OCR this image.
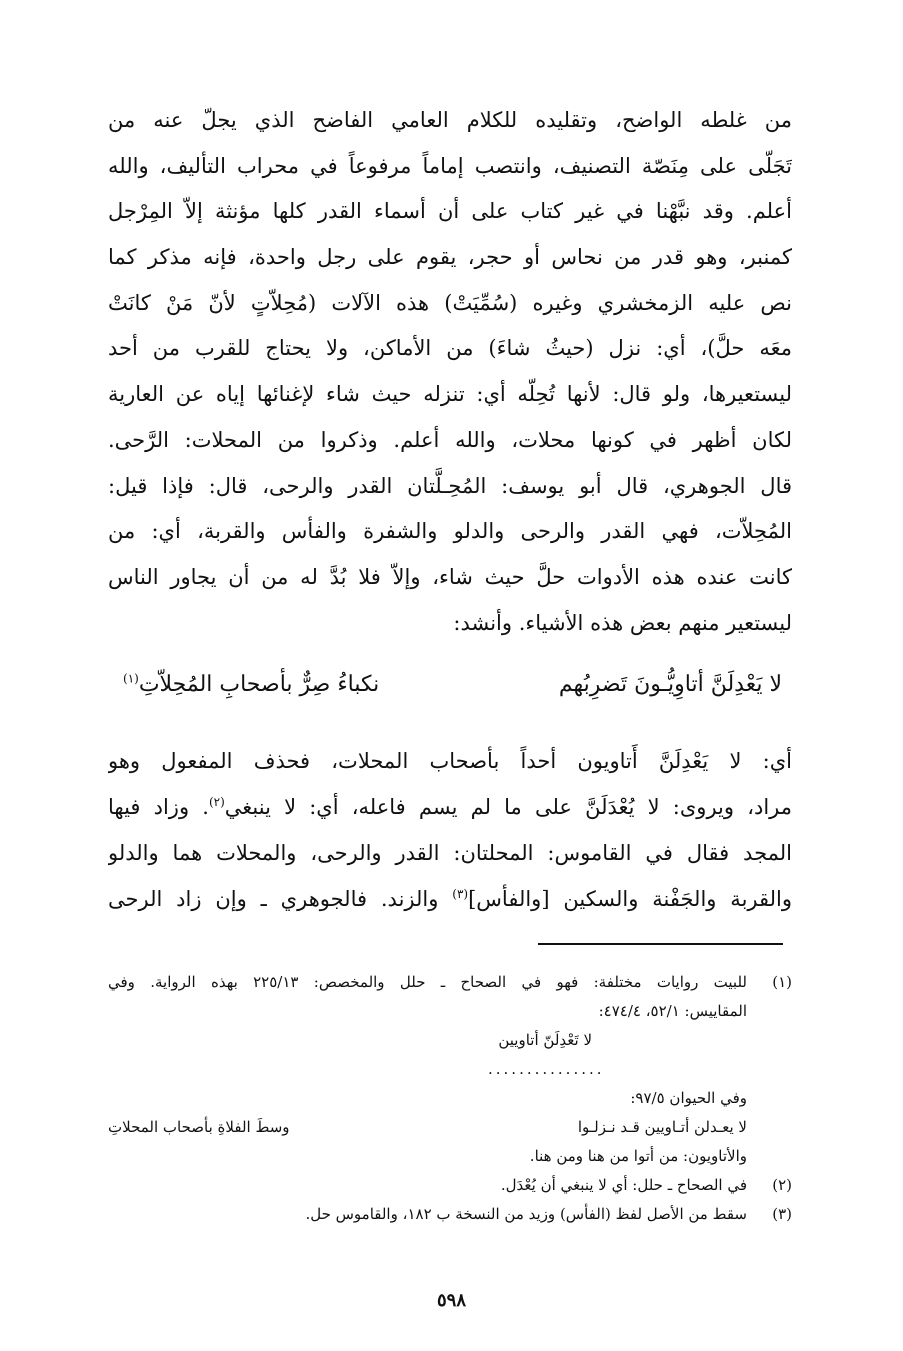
من غلطه الواضح، وتقليده للكلام العامي الفاضح الذي يجلّ عنه من
تَجَلّى على مِنَصّة التصنيف، وانتصب إماماً مرفوعاً في محراب التأليف، والله
أعلم. وقد نبَّهْنا في غير كتاب على أن أسماء القدر كلها مؤنثة إلاّ المِرْجل
كمنبر، وهو قدر من نحاس أو حجر، يقوم على رجل واحدة، فإنه مذكر كما
نص عليه الزمخشري وغيره (سُمِّيَتْ) هذه الآلات (مُحِلاّتٍ لأنّ مَنْ كانَتْ
معَه حلَّ)، أي: نزل (حيثُ شاءَ) من الأماكن، ولا يحتاج للقرب من أحد
ليستعيرها، ولو قال: لأنها تُحِلّه أي: تنزله حيث شاء لإغنائها إياه عن العارية
لكان أظهر في كونها محلات، والله أعلم. وذكروا من المحلات: الرَّحى.
قال الجوهري، قال أبو يوسف: المُحِـلَّتان القدر والرحى، قال: فإذا قيل:
المُحِلاّت، فهي القدر والرحى والدلو والشفرة والفأس والقربة، أي: من
كانت عنده هذه الأدوات حلَّ حيث شاء، وإلاّ فلا بُدَّ له من أن يجاور الناس
ليستعير منهم بعض هذه الأشياء. وأنشد:
لا يَعْدِلَنَّ أتاوِيُّـونَ تَضرِبُهم
نكباءُ صِرٌّ بأصحابِ المُحِلاّتِ$^{(١)}$
أي: لا يَعْدِلَنَّ أَتاويون أحداً بأصحاب المحلات، فحذف المفعول وهو
مراد، ويروى: لا يُعْدَلَنَّ على ما لم يسم فاعله، أي: لا ينبغي$^{(٢)}$. وزاد فيها
المجد فقال في القاموس: المحلتان: القدر والرحى، والمحلات هما والدلو
والقربة والجَفْنة والسكين [والفأس]$^{(٣)}$ والزند. فالجوهري ـ وإن زاد الرحى
(١)
للبيت روايات مختلفة: فهو في الصحاح ـ حلل والمخصص: ٢٢٥/١٣ بهذه الرواية. وفي
المقاييس: ٥٢/١، ٤٧٤/٤:
لا تَعْدِلَنّ أتاويين
...............
وفي الحيوان ٩٧/٥:
لا يعـدلن أتـاويين قـد نـزلـوا
وسطَ الفلاةِ بأصحاب المحلاتِ
والأتاويون: من أتوا من هنا ومن هنا.
(٢)
في الصحاح ـ حلل: أي لا ينبغي أن يُعْدَل.
(٣)
سقط من الأصل لفظ (الفأس) وزيد من النسخة ب ١٨٢، والقاموس حل.
٥٩٨
